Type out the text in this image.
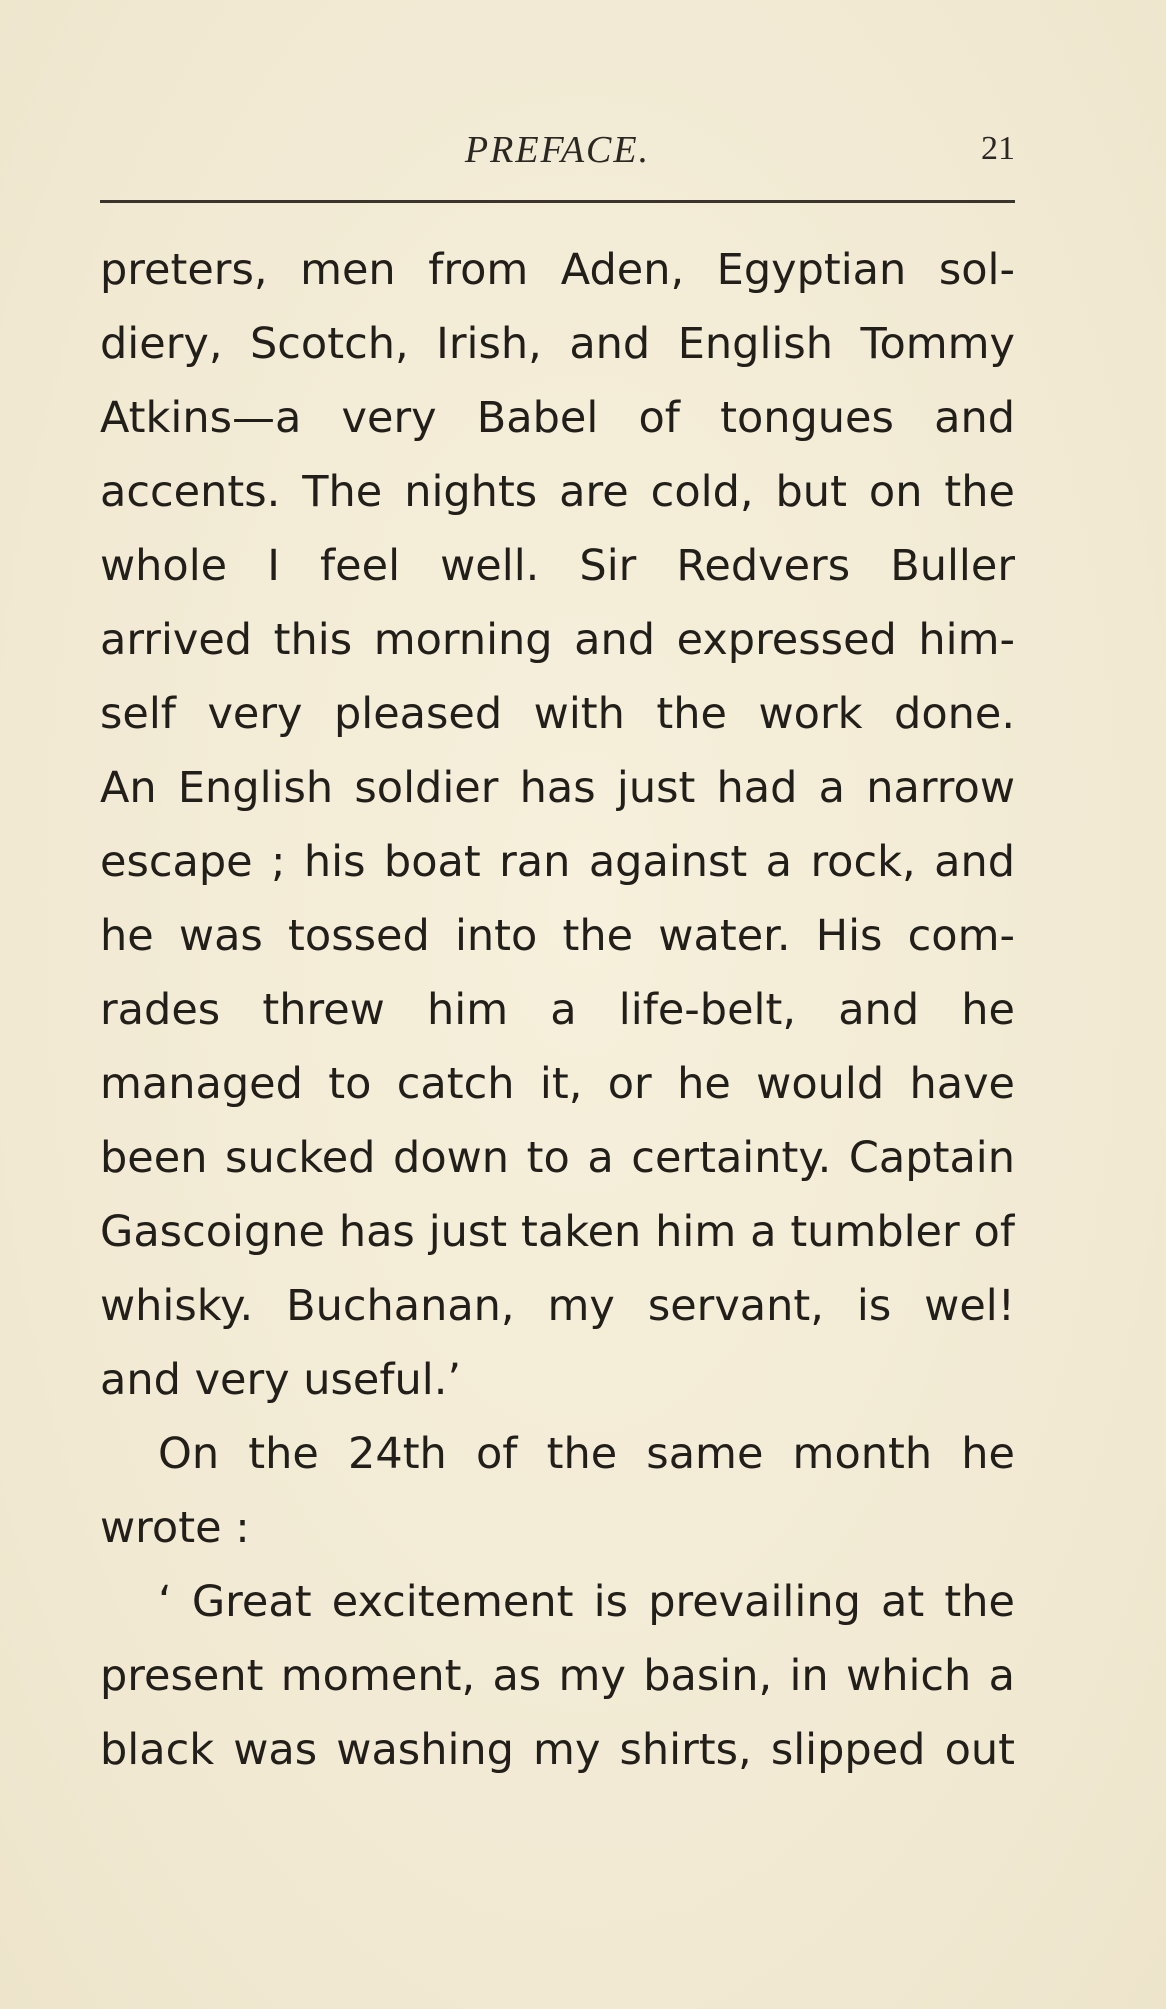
PREFACE.	21
preters, men from Aden, Egyptian sol-
diery, Scotch, Irish, and English Tommy
Atkins—a very Babel of tongues and
accents. The nights are cold, but on the
whole I feel well. Sir Redvers Buller
arrived this morning and expressed him-
self very pleased with the work done.
An English soldier has just had a narrow
escape ; his boat ran against a rock, and
he was tossed into the water. His com-
rades threw him a life-belt, and he
managed to catch it, or he would have
been sucked down to a certainty. Captain
Gascoigne has just taken him a tumbler of
whisky. Buchanan, my servant, is wel!
and very useful.’
On the 24th of the same month he
wrote :
‘ Great excitement is prevailing at the
present moment, as my basin, in which a
black was washing my shirts, slipped out
